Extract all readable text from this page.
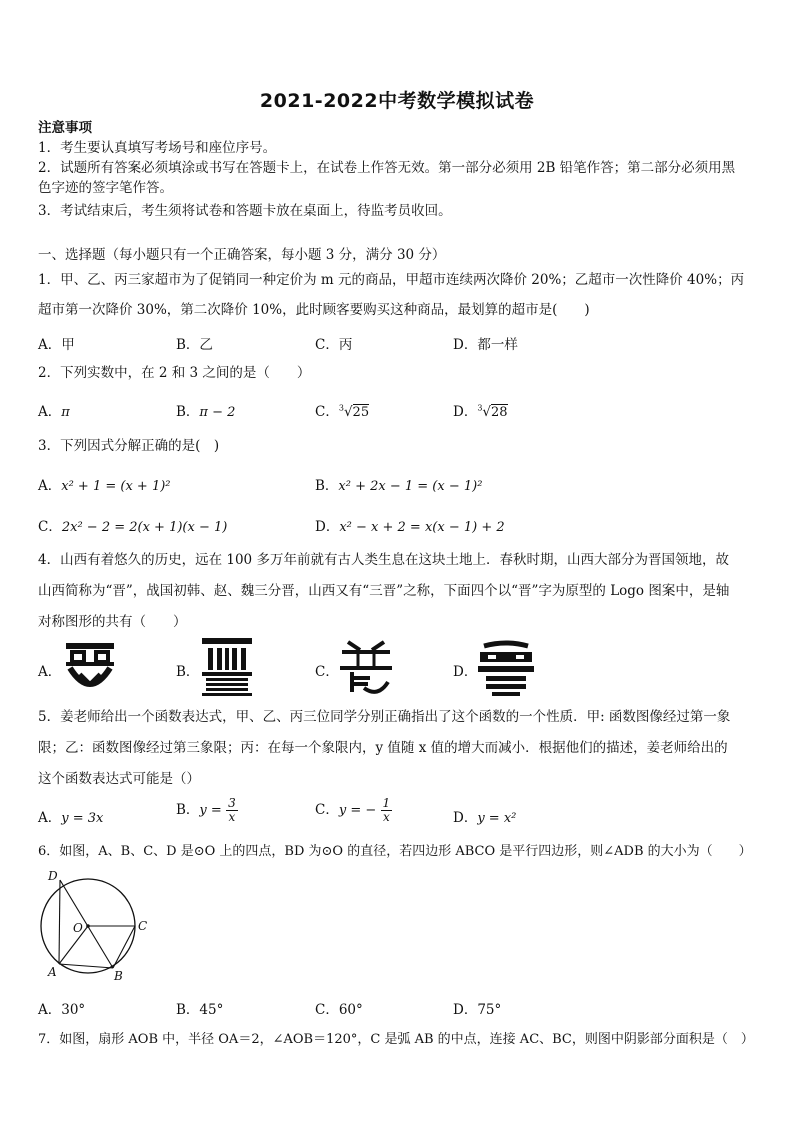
2021-2022中考数学模拟试卷
注意事项
1．考生要认真填写考场号和座位序号。
2．试题所有答案必须填涂或书写在答题卡上，在试卷上作答无效。第一部分必须用 2B 铅笔作答；第二部分必须用黑
色字迹的签字笔作答。
3．考试结束后，考生须将试卷和答题卡放在桌面上，待监考员收回。
一、选择题（每小题只有一个正确答案，每小题 3 分，满分 30 分）
1．甲、乙、丙三家超市为了促销同一种定价为 m 元的商品，甲超市连续两次降价 20%；乙超市一次性降价 40%；丙
超市第一次降价 30%，第二次降价 10%，此时顾客要购买这种商品，最划算的超市是(　　)
A．甲	B．乙	C．丙	D．都一样
2．下列实数中，在 2 和 3 之间的是（　　）
A．π	B．π − 2	C．$^3$√25	D．$^3$√28
3．下列因式分解正确的是(　)
A．x² + 1 = (x + 1)²	B．x² + 2x − 1 = (x − 1)²
C．2x² − 2 = 2(x + 1)(x − 1)	D．x² − x + 2 = x(x − 1) + 2
4．山西有着悠久的历史，远在 100 多万年前就有古人类生息在这块土地上．春秋时期，山西大部分为晋国领地，故
山西简称为“晋”，战国初韩、赵、魏三分晋，山西又有“三晋”之称，下面四个以“晋”字为原型的 Logo 图案中，是轴
对称图形的共有（　　）
A．	B．	C．	D．
5．姜老师给出一个函数表达式，甲、乙、丙三位同学分别正确指出了这个函数的一个性质．甲: 函数图像经过第一象
限；乙：函数图像经过第三象限；丙：在每一个象限内，y 值随 x 值的增大而减小．根据他们的描述，姜老师给出的
这个函数表达式可能是（）
A．y = 3x
B．$y = \frac{3}{x}$	C．y = − $\frac{1}{x}$	D．y = x²
6．如图，A、B、C、D 是⊙O 上的四点，BD 为⊙O 的直径，若四边形 ABCO 是平行四边形，则∠ADB 的大小为（　　）
D
O	C
A	B
A．30°	B．45°	C．60°	D．75°
7．如图，扇形 AOB 中，半径 OA＝2，∠AOB＝120°，C 是弧 AB 的中点，连接 AC、BC，则图中阴影部分面积是（　）
